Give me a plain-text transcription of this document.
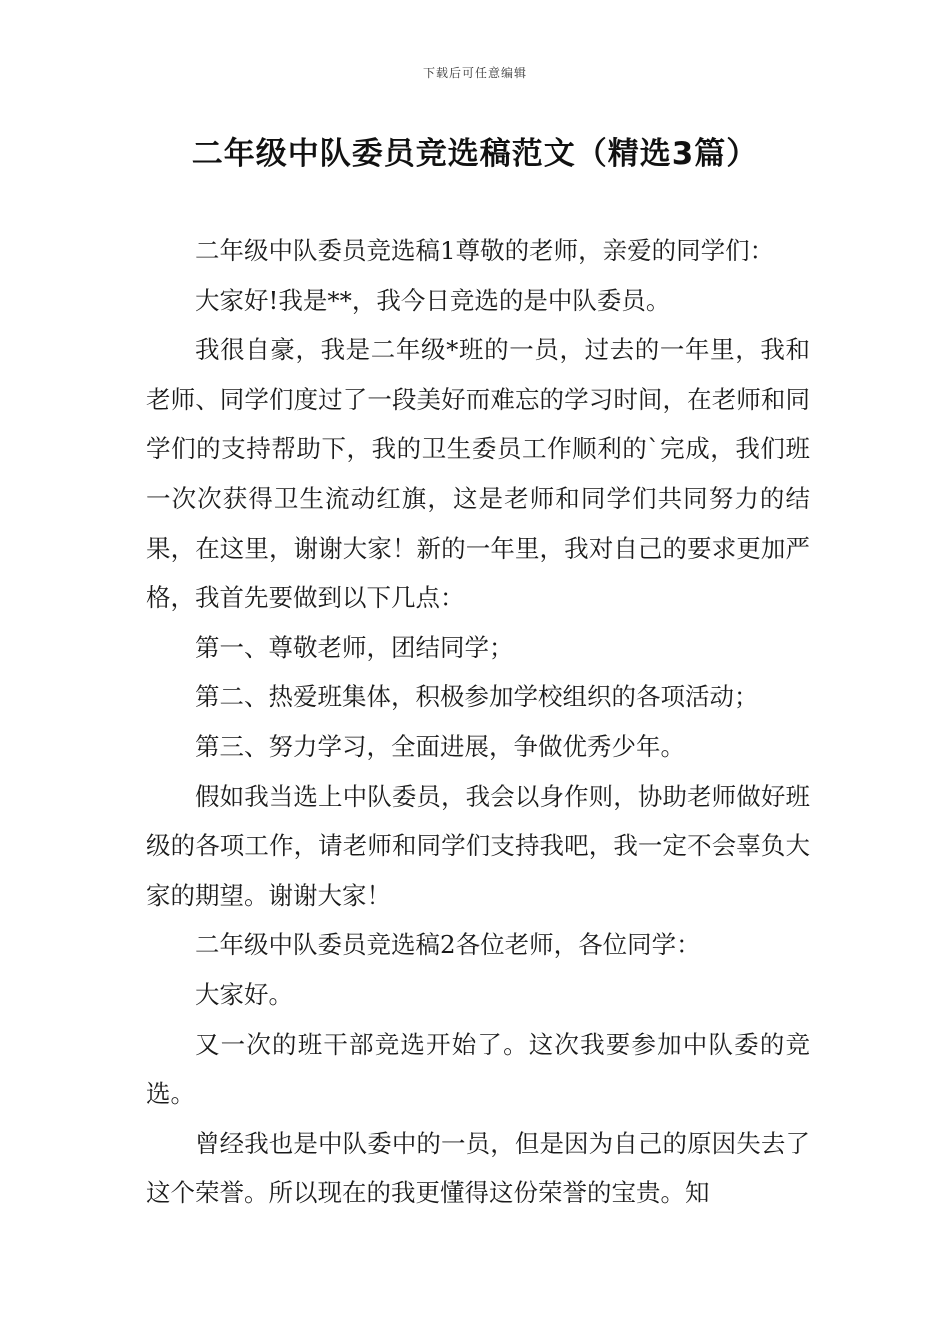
下载后可任意编辑
二年级中队委员竞选稿范文（精选3篇）

二年级中队委员竞选稿1尊敬的老师，亲爱的同学们：

大家好!我是**，我今日竞选的是中队委员。

我很自豪，我是二年级*班的一员，过去的一年里，我和老师、同学们度过了一段美好而难忘的学习时间，在老师和同学们的支持帮助下，我的卫生委员工作顺利的`完成，我们班一次次获得卫生流动红旗，这是老师和同学们共同努力的结果，在这里，谢谢大家！新的一年里，我对自己的要求更加严格，我首先要做到以下几点：

第一、尊敬老师，团结同学；

第二、热爱班集体，积极参加学校组织的各项活动；

第三、努力学习，全面进展，争做优秀少年。

假如我当选上中队委员，我会以身作则，协助老师做好班级的各项工作，请老师和同学们支持我吧，我一定不会辜负大家的期望。谢谢大家！

二年级中队委员竞选稿2各位老师，各位同学：

大家好。

又一次的班干部竞选开始了。这次我要参加中队委的竞选。

曾经我也是中队委中的一员，但是因为自己的原因失去了这个荣誉。所以现在的我更懂得这份荣誉的宝贵。知
